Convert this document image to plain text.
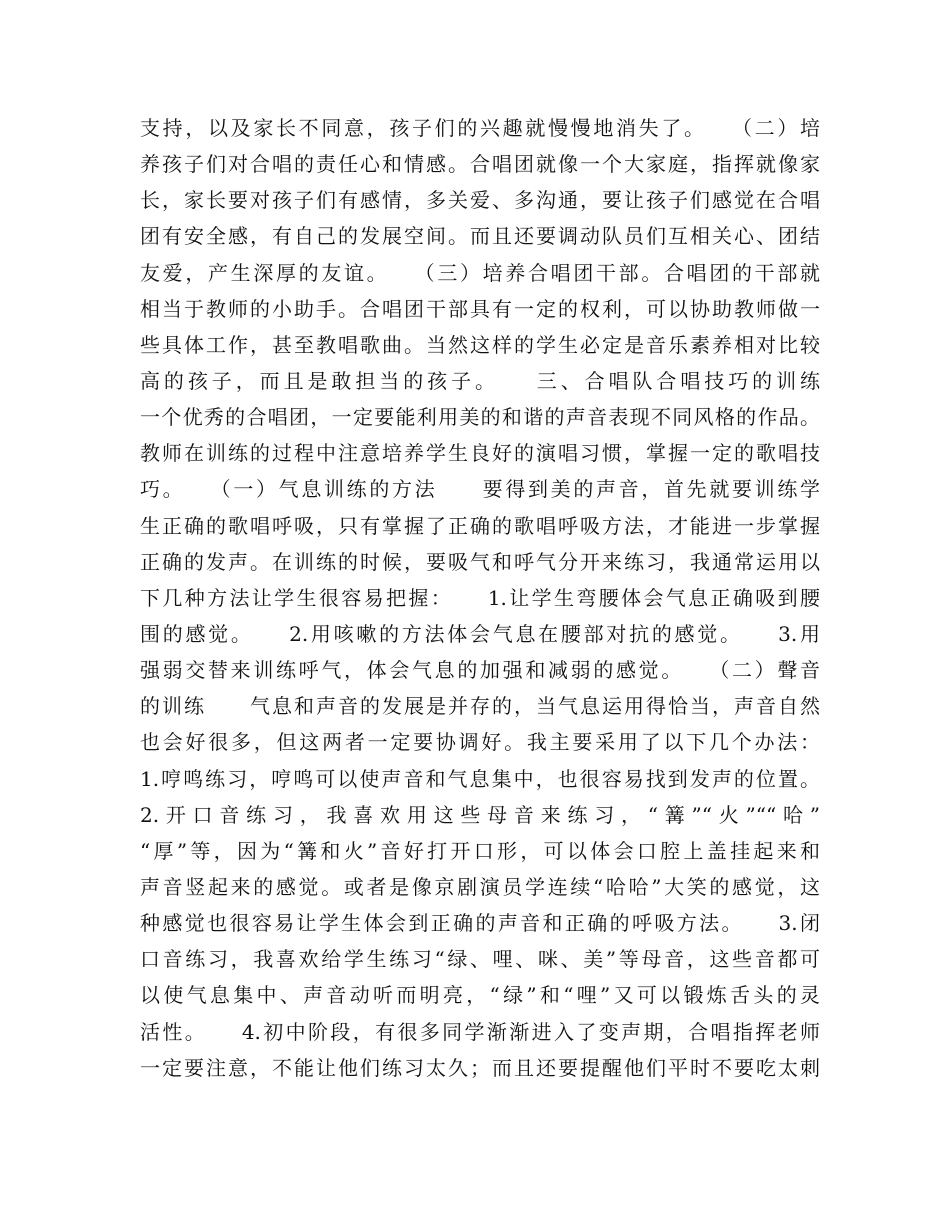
支持，以及家长不同意，孩子们的兴趣就慢慢地消失了。　　（二）培
养孩子们对合唱的责任心和情感。合唱团就像一个大家庭，指挥就像家
长，家长要对孩子们有感情，多关爱、多沟通，要让孩子们感觉在合唱
团有安全感，有自己的发展空间。而且还要调动队员们互相关心、团结
友爱，产生深厚的友谊。　　（三）培养合唱团干部。合唱团的干部就
相当于教师的小助手。合唱团干部具有一定的权利，可以协助教师做一
些具体工作，甚至教唱歌曲。当然这样的学生必定是音乐素养相对比较
高的孩子，而且是敢担当的孩子。　　三、合唱队合唱技巧的训练
一个优秀的合唱团，一定要能利用美的和谐的声音表现不同风格的作品。
教师在训练的过程中注意培养学生良好的演唱习惯，掌握一定的歌唱技
巧。　　（一）气息训练的方法　　要得到美的声音，首先就要训练学
生正确的歌唱呼吸，只有掌握了正确的歌唱呼吸方法，才能进一步掌握
正确的发声。在训练的时候，要吸气和呼气分开来练习，我通常运用以
下几种方法让学生很容易把握：　　1.让学生弯腰体会气息正确吸到腰
围的感觉。　　2.用咳嗽的方法体会气息在腰部对抗的感觉。　　3.用
强弱交替来训练呼气，体会气息的加强和减弱的感觉。　　（二）聲音
的训练　　气息和声音的发展是并存的，当气息运用得恰当，声音自然
也会好很多，但这两者一定要协调好。我主要采用了以下几个办法：
1.哼鸣练习，哼鸣可以使声音和气息集中，也很容易找到发声的位置。
2.开口音练习，我喜欢用这些母音来练习，“篝”“火”““哈”
“厚”等，因为“篝和火”音好打开口形，可以体会口腔上盖挂起来和
声音竖起来的感觉。或者是像京剧演员学连续“哈哈”大笑的感觉，这
种感觉也很容易让学生体会到正确的声音和正确的呼吸方法。　　3.闭
口音练习，我喜欢给学生练习“绿、哩、咪、美”等母音，这些音都可
以使气息集中、声音动听而明亮，“绿”和“哩”又可以锻炼舌头的灵
活性。　　4.初中阶段，有很多同学渐渐进入了变声期，合唱指挥老师
一定要注意，不能让他们练习太久；而且还要提醒他们平时不要吃太刺
